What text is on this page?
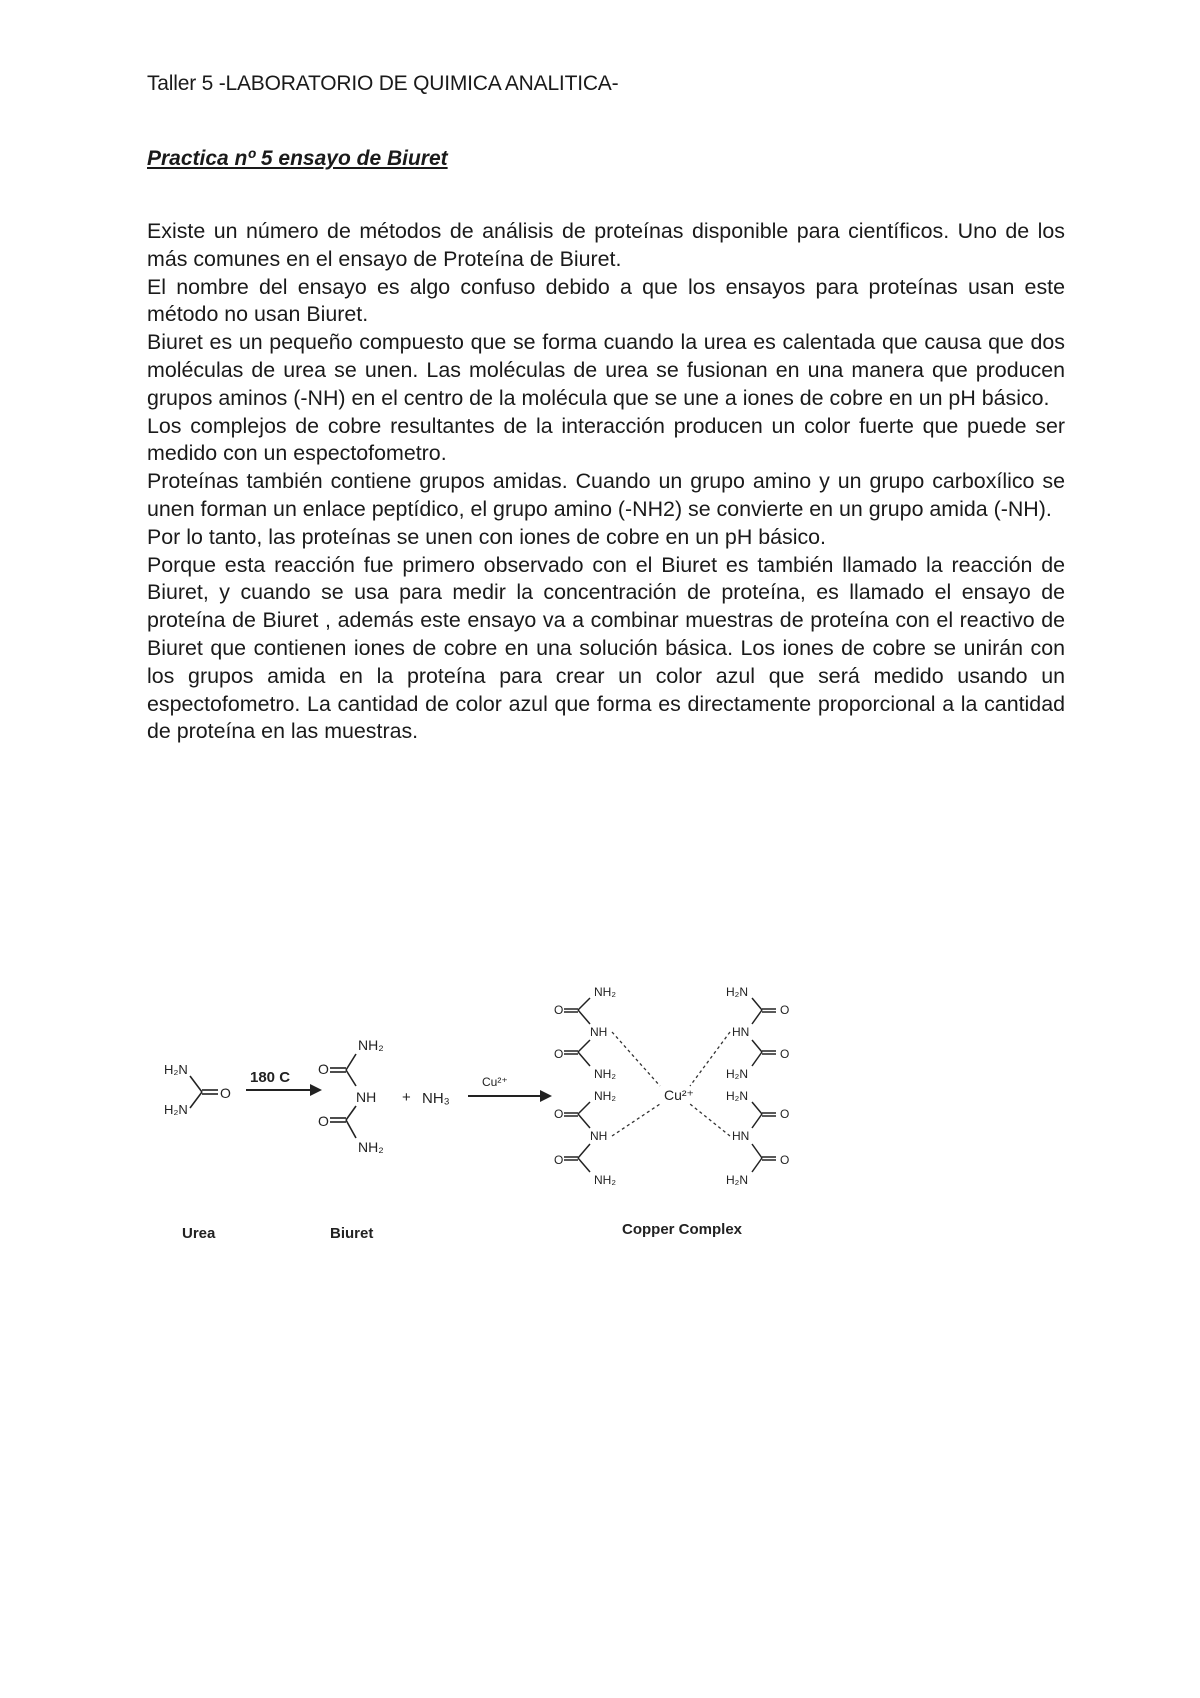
Taller 5 -LABORATORIO DE QUIMICA ANALITICA-
Practica nº 5 ensayo de Biuret

Existe un número de métodos de análisis de proteínas disponible para científicos. Uno de los más comunes en el ensayo de Proteína de Biuret.

El nombre del ensayo es algo confuso debido a que los ensayos para proteínas usan este método no usan Biuret.

Biuret es un pequeño compuesto que se forma cuando la urea es calentada que causa que dos moléculas de urea se unen. Las moléculas de urea se fusionan en una manera que producen grupos aminos (-NH) en el centro de la molécula que se une a iones de cobre en un pH básico.

Los complejos de cobre resultantes de la interacción producen un color fuerte que puede ser medido con un espectofometro.

Proteínas también contiene grupos amidas. Cuando un grupo amino y un grupo carboxílico se unen forman un enlace peptídico, el grupo amino (-NH2) se convierte en un grupo amida (-NH).

Por lo tanto, las proteínas se unen con iones de cobre en un pH básico.

Porque esta reacción fue primero observado con el Biuret es también llamado la reacción de Biuret, y cuando se usa para medir la concentración de proteína, es llamado el ensayo de proteína de Biuret , además este ensayo va a combinar muestras de proteína con el reactivo de Biuret que contienen iones de cobre en una solución básica. Los iones de cobre se unirán con los grupos amida en la proteína para crear un color azul que será medido usando un espectofometro. La cantidad de color azul que forma es directamente proporcional a la cantidad de proteína en las muestras.

H₂N
H₂N
O
Urea
180 C
NH₂
O
NH
O
NH₂
Biuret
+ NH₃
Cu²⁺
NH₂
O
NH
O
NH₂
NH₂
O
NH
O
NH₂
Cu²⁺
H₂N
O
HN
O
H₂N
H₂N
O
HN
O
H₂N
Copper Complex
